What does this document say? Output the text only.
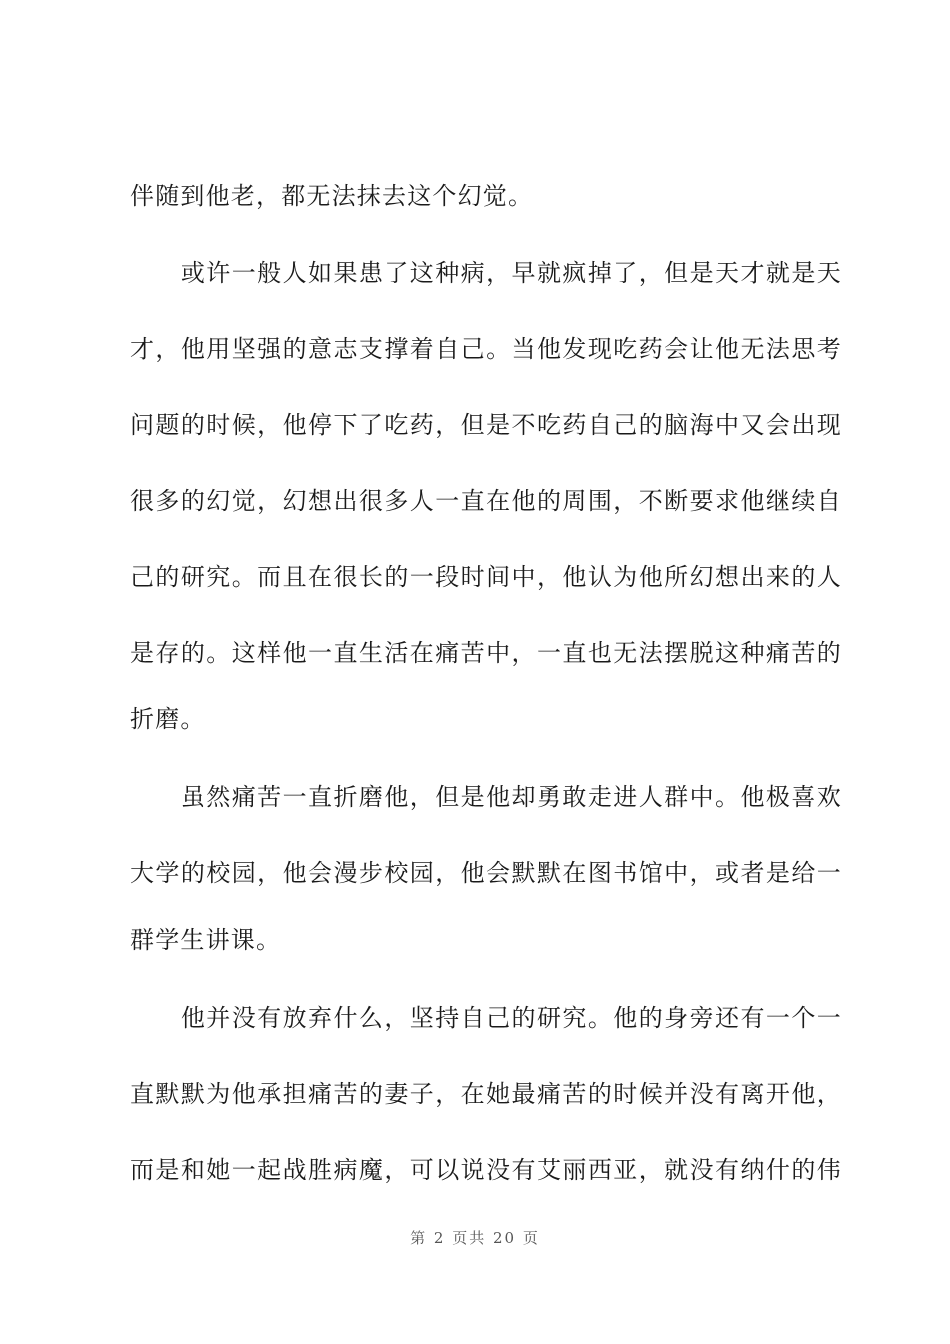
伴随到他老，都无法抹去这个幻觉。
　　或许一般人如果患了这种病，早就疯掉了，但是天才就是天
才，他用坚强的意志支撑着自己。当他发现吃药会让他无法思考
问题的时候，他停下了吃药，但是不吃药自己的脑海中又会出现
很多的幻觉，幻想出很多人一直在他的周围，不断要求他继续自
己的研究。而且在很长的一段时间中，他认为他所幻想出来的人
是存的。这样他一直生活在痛苦中，一直也无法摆脱这种痛苦的
折磨。
　　虽然痛苦一直折磨他，但是他却勇敢走进人群中。他极喜欢
大学的校园，他会漫步校园，他会默默在图书馆中，或者是给一
群学生讲课。
　　他并没有放弃什么，坚持自己的研究。他的身旁还有一个一
直默默为他承担痛苦的妻子，在她最痛苦的时候并没有离开他，
而是和她一起战胜病魔，可以说没有艾丽西亚，就没有纳什的伟
第 2 页共 20 页
